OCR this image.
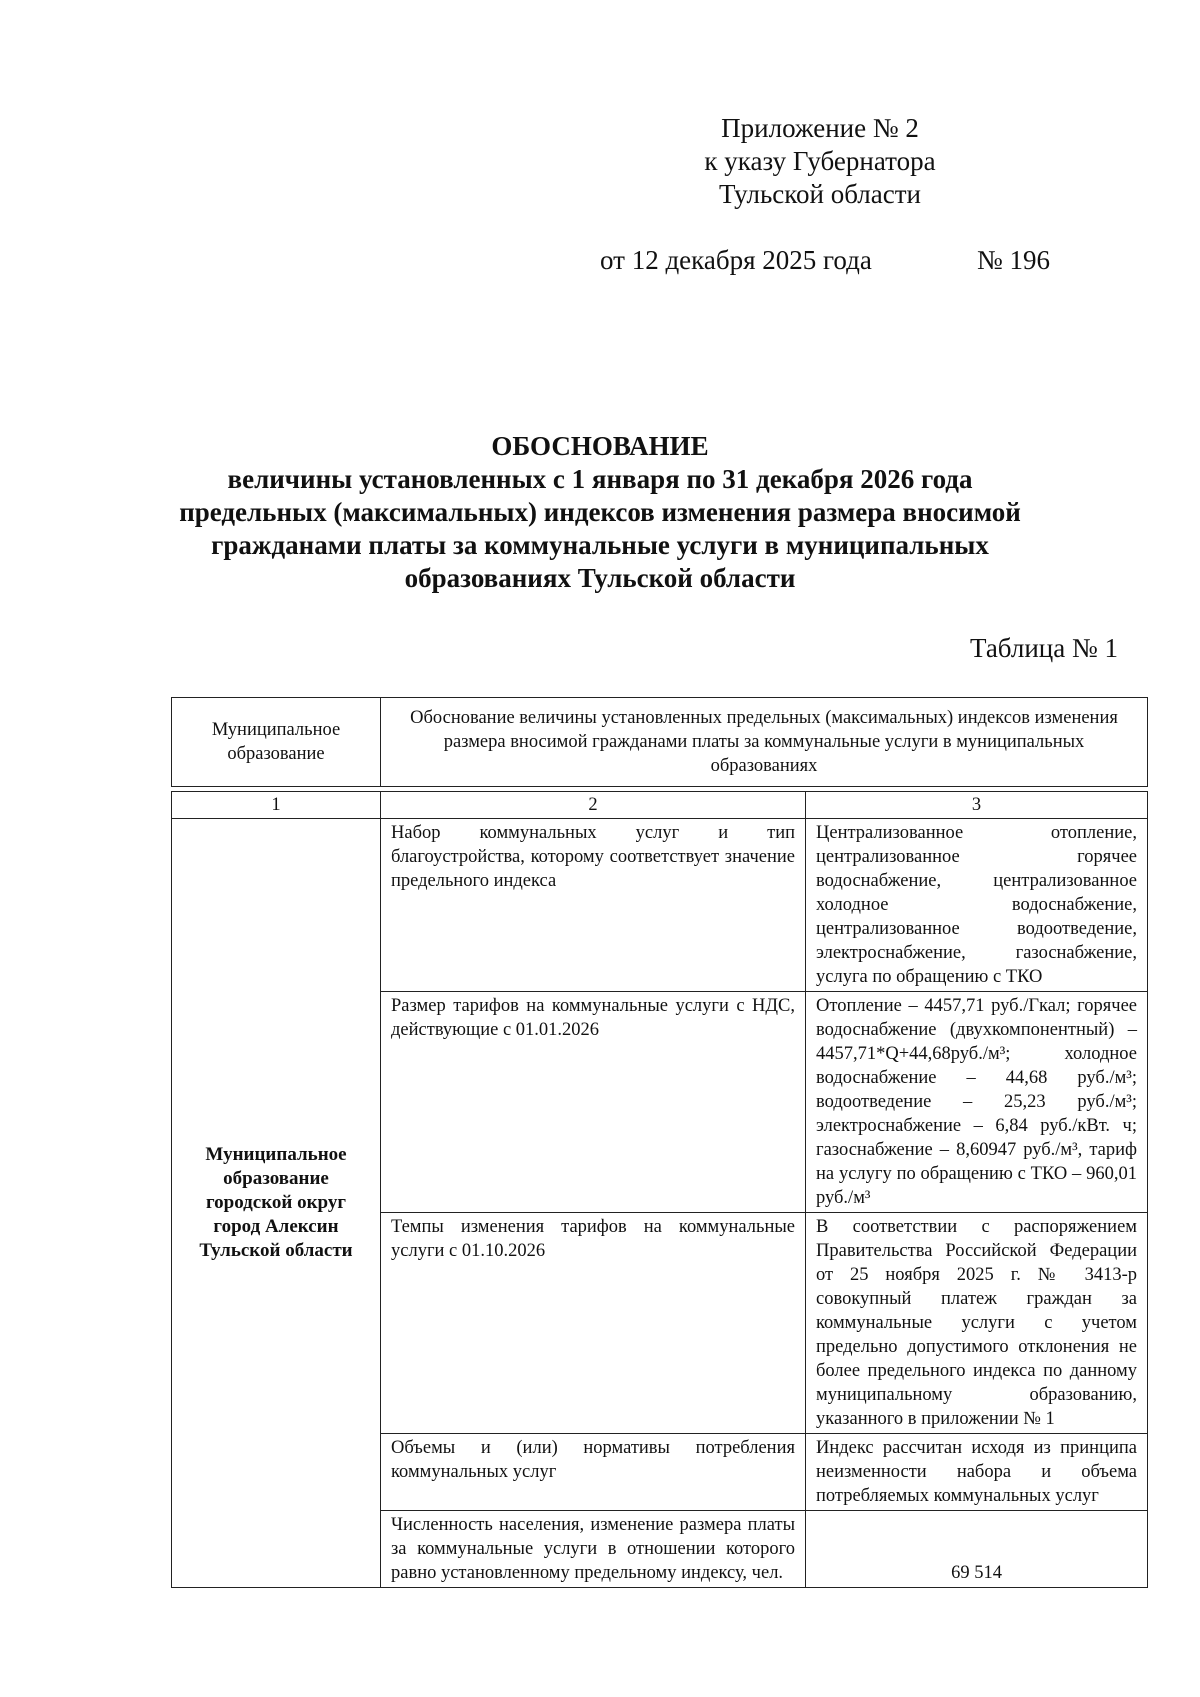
Приложение № 2
к указу Губернатора
Тульской области
от 12 декабря 2025 года	№ 196
ОБОСНОВАНИЕ
величины установленных с 1 января по 31 декабря 2026 года
предельных (максимальных) индексов изменения размера вносимой
гражданами платы за коммунальные услуги в муниципальных
образованиях Тульской области
Таблица № 1
Муниципальное образование	Обоснование величины установленных предельных (максимальных) индексов изменения размера вносимой гражданами платы за коммунальные услуги в муниципальных образованиях	

1	2	3
Муниципальное образование городской округ город Алексин Тульской области	Набор коммунальных услуг и тип благоустройства, которому соответствует значение предельного индекса	Централизованное отопление, централизованное горячее водоснабжение, централизованное холодное водоснабжение, централизованное водоотведение, электроснабжение, газоснабжение, услуга по обращению с ТКО
	Размер тарифов на коммунальные услуги с НДС, действующие с 01.01.2026	Отопление – 4457,71 руб./Гкал; горячее водоснабжение (двухкомпонентный) – 4457,71*Q+44,68руб./м³; холодное водоснабжение – 44,68 руб./м³; водоотведение – 25,23 руб./м³; электроснабжение – 6,84 руб./кВт. ч; газоснабжение – 8,60947 руб./м³, тариф на услугу по обращению с ТКО – 960,01 руб./м³
	Темпы изменения тарифов на коммунальные услуги с 01.10.2026	В соответствии с распоряжением Правительства Российской Федерации от 25 ноября 2025 г. № 3413-р совокупный платеж граждан за коммунальные услуги с учетом предельно допустимого отклонения не более предельного индекса по данному муниципальному образованию, указанного в приложении № 1
	Объемы и (или) нормативы потребления коммунальных услуг	Индекс рассчитан исходя из принципа неизменности набора и объема потребляемых коммунальных услуг
	Численность населения, изменение размера платы за коммунальные услуги в отношении которого равно установленному предельному индексу, чел.	69 514
